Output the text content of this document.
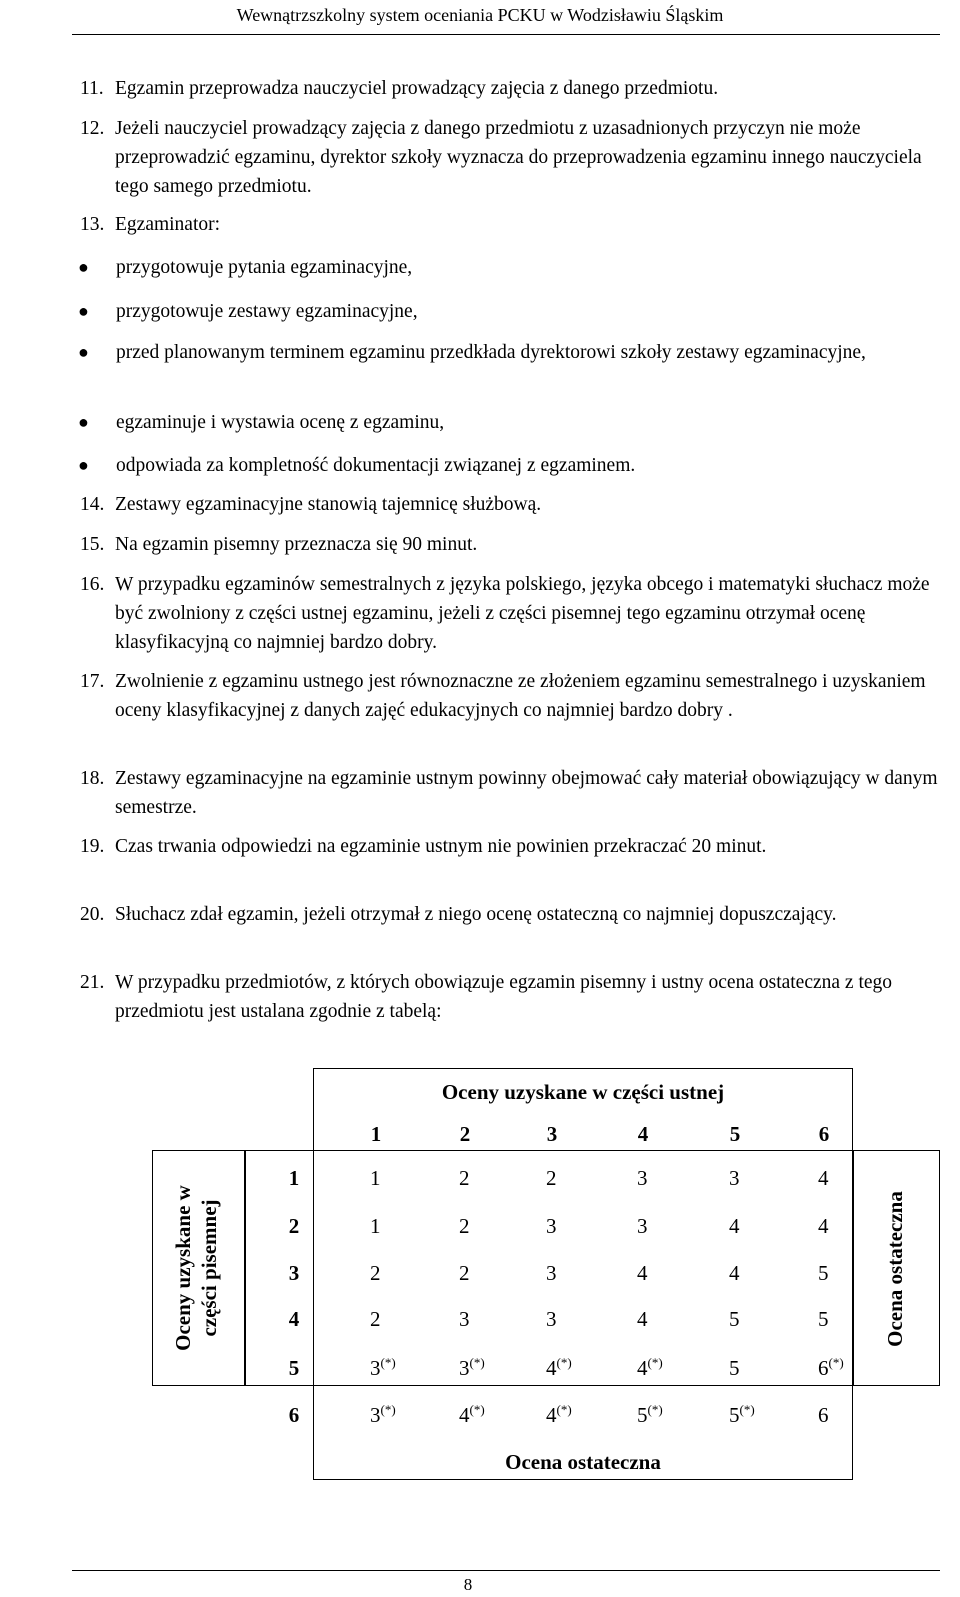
Wewnątrzszkolny system oceniania PCKU w Wodzisławiu Śląskim
11. Egzamin przeprowadza nauczyciel prowadzący zajęcia z danego przedmiotu.
12. Jeżeli nauczyciel prowadzący zajęcia z danego przedmiotu z uzasadnionych przyczyn nie może przeprowadzić egzaminu, dyrektor szkoły wyznacza do przeprowadzenia egzaminu innego nauczyciela tego samego przedmiotu.
13. Egzaminator:
●	przygotowuje pytania egzaminacyjne,
●	przygotowuje zestawy egzaminacyjne,
●	przed planowanym terminem egzaminu przedkłada dyrektorowi szkoły zestawy egzaminacyjne,
●	egzaminuje i wystawia ocenę z egzaminu,
●	odpowiada za kompletność dokumentacji związanej z egzaminem.
14. Zestawy egzaminacyjne stanowią tajemnicę służbową.
15. Na egzamin pisemny przeznacza się 90 minut.
16. W przypadku egzaminów semestralnych z języka polskiego, języka obcego i matematyki słuchacz może być zwolniony z części ustnej egzaminu, jeżeli z części pisemnej tego egzaminu otrzymał ocenę klasyfikacyjną co najmniej bardzo dobry.
17. Zwolnienie z egzaminu ustnego jest równoznaczne ze złożeniem egzaminu semestralnego i uzyskaniem oceny klasyfikacyjnej z danych zajęć edukacyjnych co najmniej bardzo dobry .
18. Zestawy egzaminacyjne na egzaminie ustnym powinny obejmować cały materiał obowiązujący w danym semestrze.
19. Czas trwania odpowiedzi na egzaminie ustnym nie powinien przekraczać 20 minut.
20. Słuchacz zdał egzamin, jeżeli otrzymał z niego ocenę ostateczną co najmniej dopuszczający.
21. W przypadku przedmiotów, z których obowiązuje egzamin pisemny i ustny ocena ostateczna z tego przedmiotu jest ustalana zgodnie z tabelą:
Oceny uzyskane w części ustnej
Oceny uzyskane w
części pisemnej	Ocena ostateczna
Ocena ostateczna
1	2	3	4	5	6
1	1	2	2	3	3	4
2	1	2	3	3	4	4
3	2	2	3	4	4	5
4	2	3	3	4	5	5
5	3(*)	3(*)	4(*)	4(*)	5	6(*)
6	3(*)	4(*)	4(*)	5(*)	5(*)	6
8
